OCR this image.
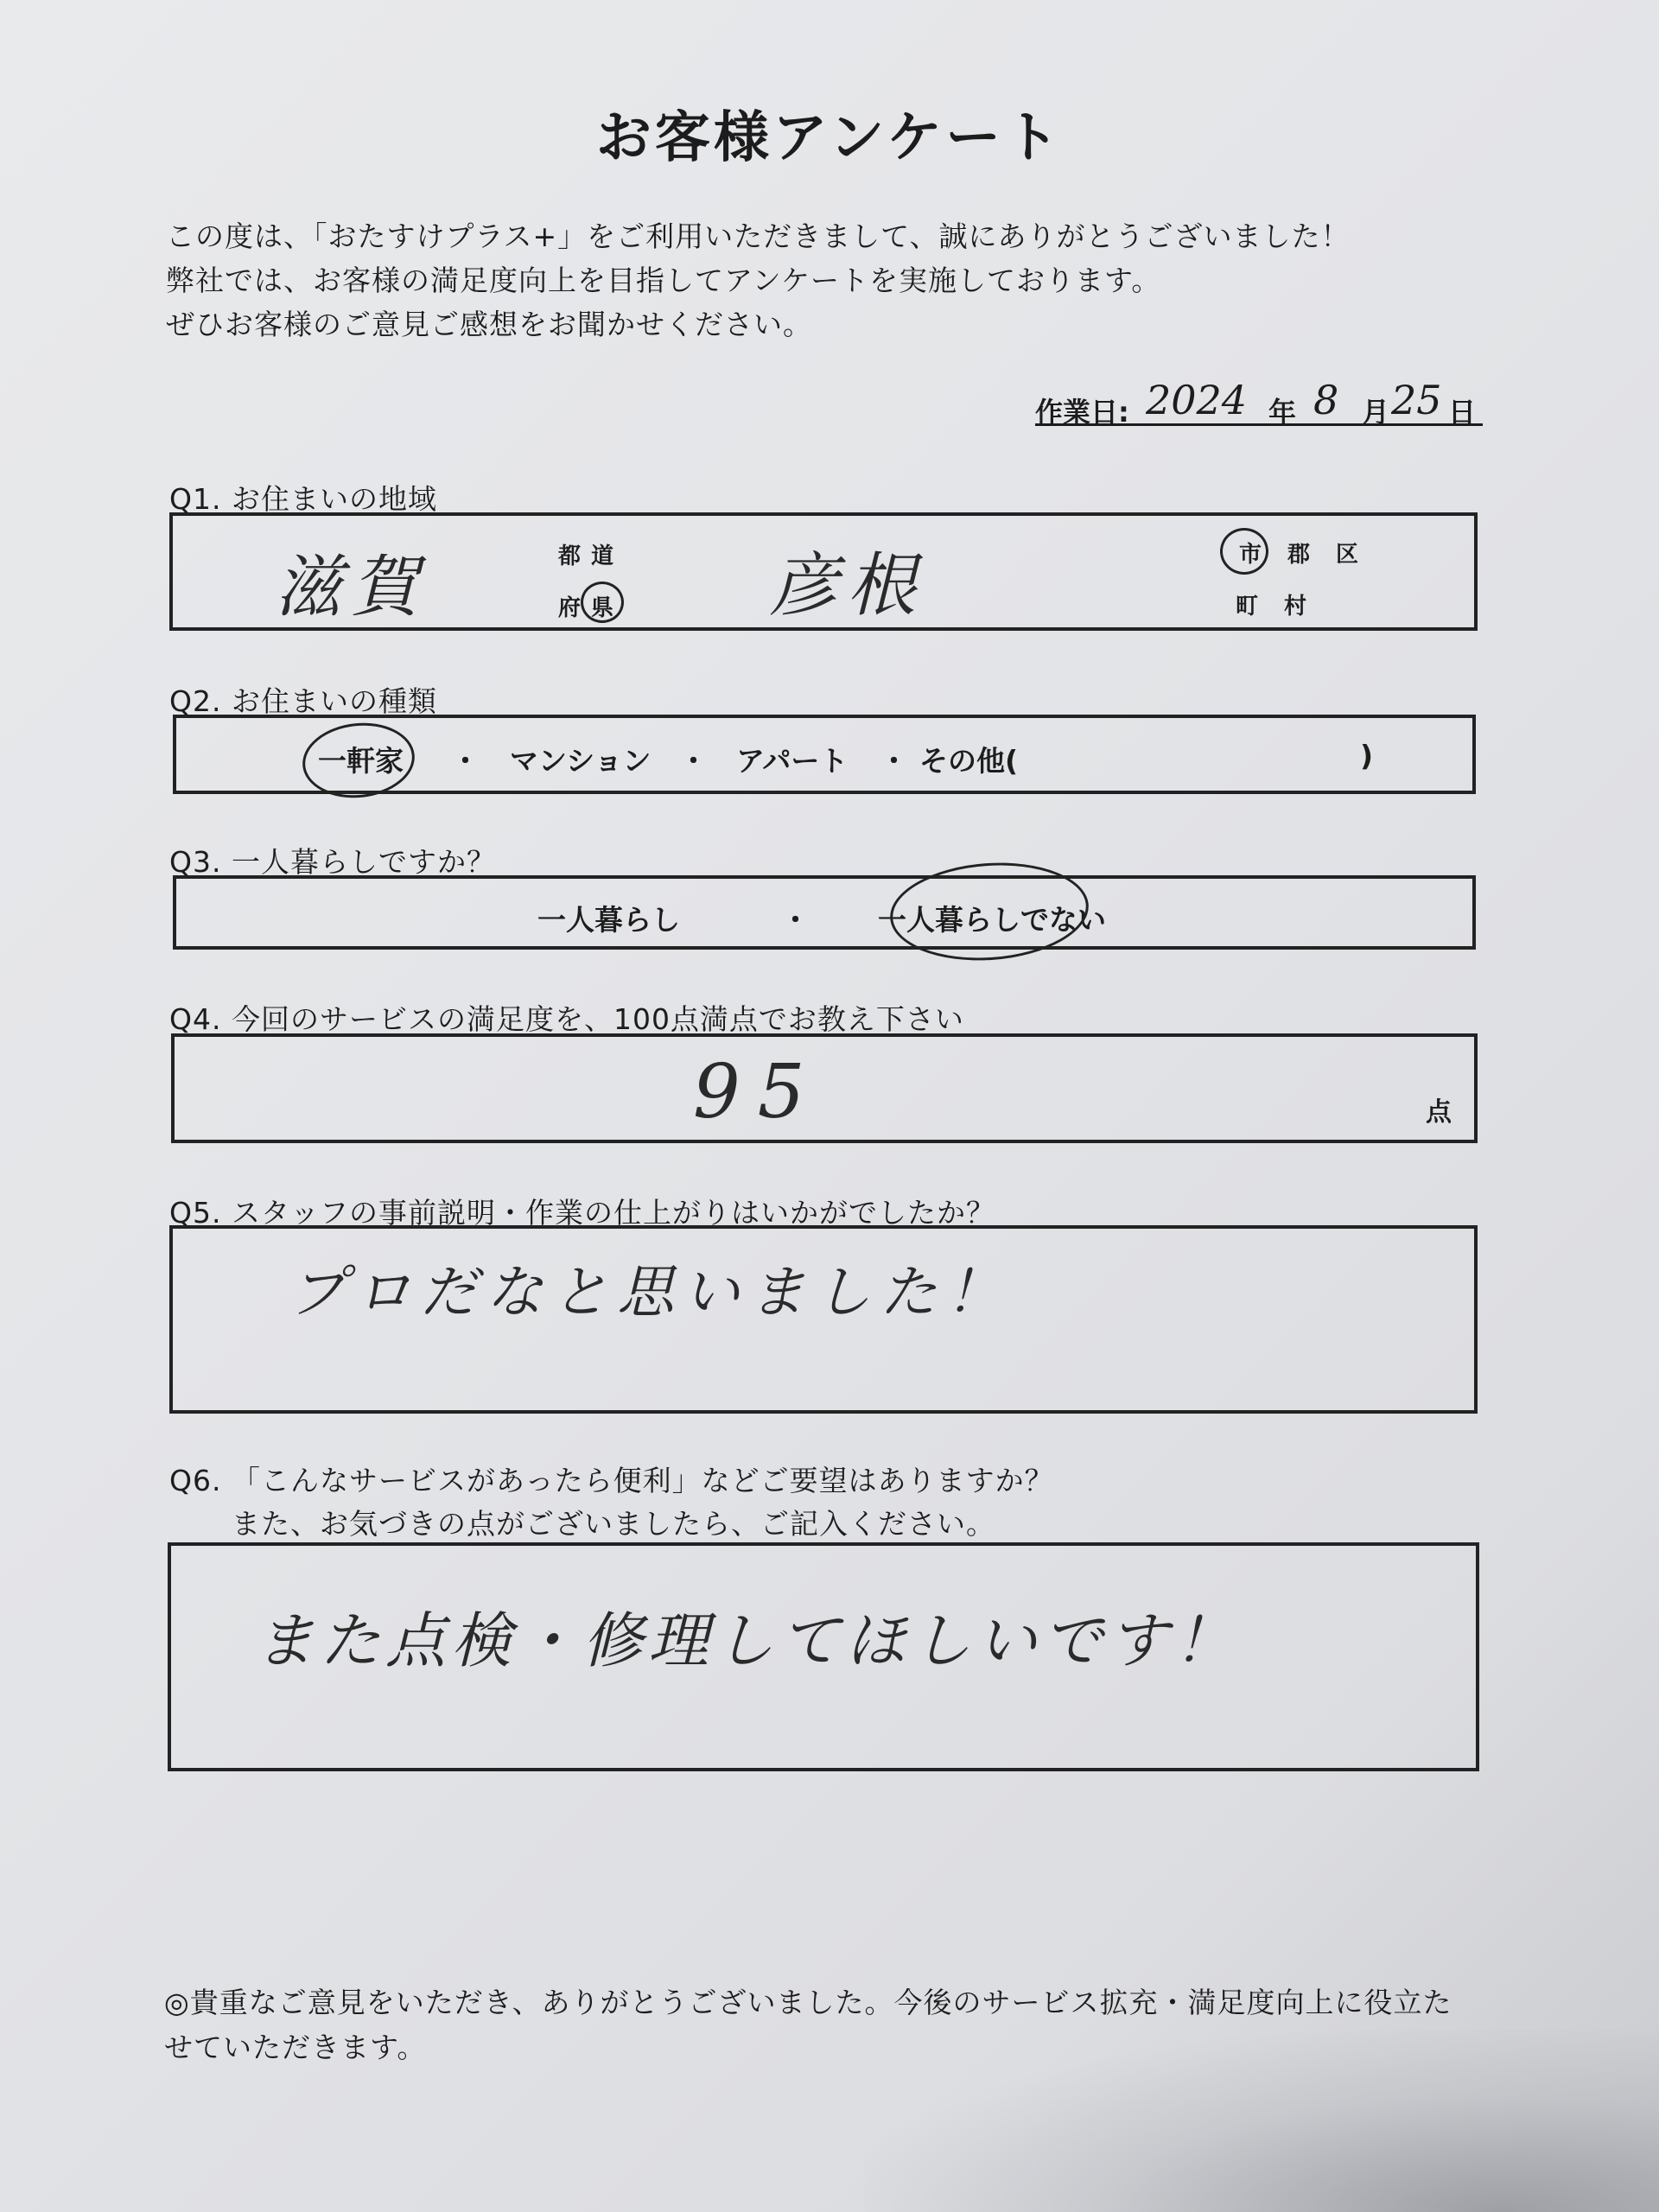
お客様アンケート
この度は、「おたすけプラス+」をご利用いただきまして、誠にありがとうございました！
弊社では、お客様の満足度向上を目指してアンケートを実施しております。
ぜひお客様のご意見ご感想をお聞かせください。
作業日: 2024 年 8 月 25 日
Q1. お住まいの地域
滋賀	都 道
府 県 彦根	市 郡 区
町 村
Q2. お住まいの種類
一軒家 ・ マンション ・ アパート ・ その他(	)
Q3. 一人暮らしですか？
一人暮らし	・ 一人暮らしでない
Q4. 今回のサービスの満足度を、100点満点でお教え下さい
95	点
Q5. スタッフの事前説明・作業の仕上がりはいかがでしたか？
プロだなと思いました！
Q6. 「こんなサービスがあったら便利」などご要望はありますか？
また、お気づきの点がございましたら、ご記入ください。
また点検・修理してほしいです！
◎貴重なご意見をいただき、ありがとうございました。今後のサービス拡充・満足度向上に役立た
せていただきます。
